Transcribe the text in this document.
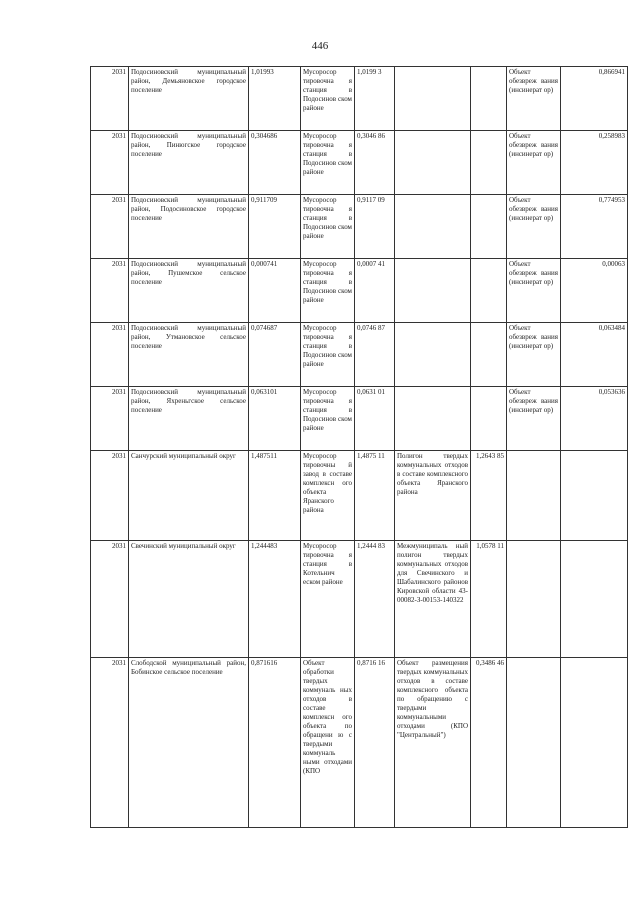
446
2031	Подосиновский муниципальный район, Демьяновское городское поселение	1,01993	Мусоросор тировочна я станция в Подосинов ском районе	1,0199 3			Объект обезвреж вания (инсинерат ор)	0,866941
2031	Подосиновский муниципальный район, Пинюгское городское поселение	0,304686	Мусоросор тировочна я станция в Подосинов ском районе	0,3046 86			Объект обезвреж вания (инсинерат ор)	0,258983
2031	Подосиновский муниципальный район, Подосиновское городское поселение	0,911709	Мусоросор тировочна я станция в Подосинов ском районе	0,9117 09			Объект обезвреж вания (инсинерат ор)	0,774953
2031	Подосиновский муниципальный район, Пушемское сельское поселение	0,000741	Мусоросор тировочна я станция в Подосинов ском районе	0,0007 41			Объект обезвреж вания (инсинерат ор)	0,00063
2031	Подосиновский муниципальный район, Утмановское сельское поселение	0,074687	Мусоросор тировочна я станция в Подосинов ском районе	0,0746 87			Объект обезвреж вания (инсинерат ор)	0,063484
2031	Подосиновский муниципальный район, Яхреньгское сельское поселение	0,063101	Мусоросор тировочна я станция в Подосинов ском районе	0,0631 01			Объект обезвреж вания (инсинерат ор)	0,053636
2031	Санчурский муниципальный округ	1,487511	Мусоросор тировочны й завод в составе комплексн ого объекта Яранского района	1,4875 11	Полигон твердых коммунальных отходов в составе комплексного объекта Яранского района	1,2643 85		
2031	Свечинский муниципальный округ	1,244483	Мусоросор тировочна я станция в Котельнич еском районе	1,2444 83	Межмуниципаль ный полигон твердых коммунальных отходов для Свечинского и Шабалинского районов Кировской области 43-00082-З-00153-140322	1,0578 11		
2031	Слободской муниципальный район, Бобинское сельское поселение	0,871616	Объект обработки твердых коммуналь ных отходов в составе комплексн ого объекта по обращени ю с твердыми коммуналь ными отходами (КПО	0,8716 16	Объект размещения твердых коммунальных отходов в составе комплексного объекта по обращению с твердыми коммунальными отходами (КПО "Центральный")	0,3486 46		
